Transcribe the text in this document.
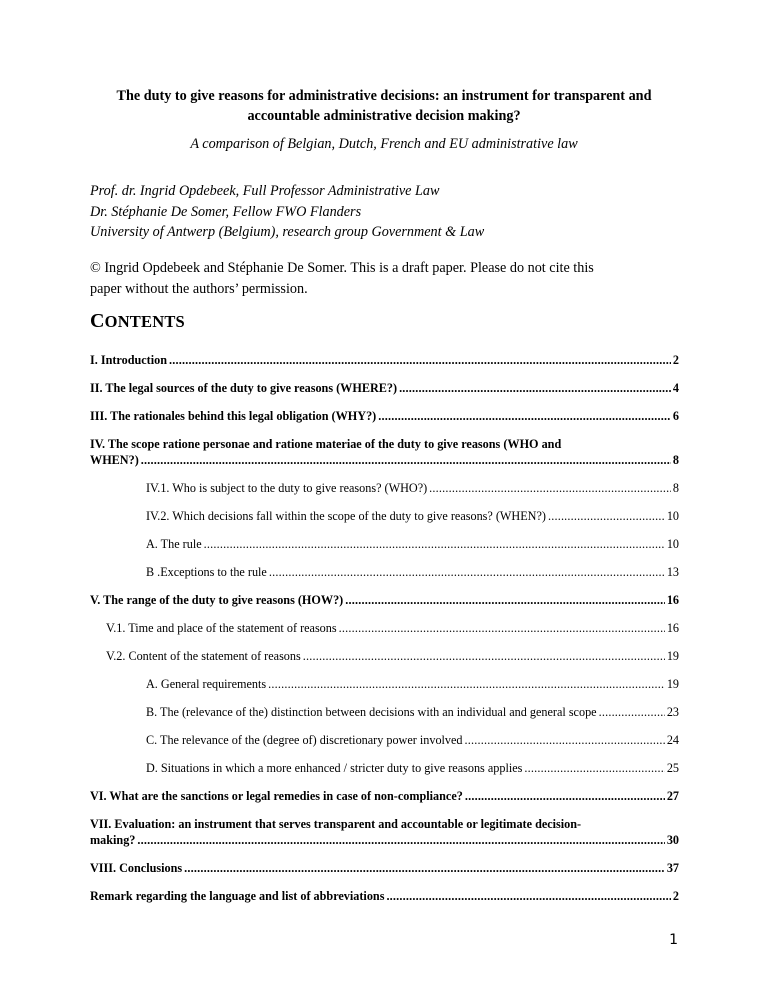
The duty to give reasons for administrative decisions: an instrument for transparent and
accountable administrative decision making?
A comparison of Belgian, Dutch, French and EU administrative law
Prof. dr. Ingrid Opdebeek, Full Professor Administrative Law
Dr. Stéphanie De Somer, Fellow FWO Flanders
University of Antwerp (Belgium), research group Government & Law
© Ingrid Opdebeek and Stéphanie De Somer. This is a draft paper. Please do not cite this
paper without the authors’ permission.
CONTENTS
I. Introduction .....	2
II. The legal sources of the duty to give reasons (WHERE?) .....	4
III. The rationales behind this legal obligation (WHY?) .....	6
IV. The scope ratione personae and ratione materiae of the duty to give reasons (WHO and
WHEN?) .....	8
IV.1. Who is subject to the duty to give reasons? (WHO?) .....	8
IV.2. Which decisions fall within the scope of the duty to give reasons? (WHEN?) .....	10
A. The rule .....	10
B .Exceptions to the rule .....	13
V. The range of the duty to give reasons (HOW?) .....	16
V.1. Time and place of the statement of reasons .....	16
V.2. Content of the statement of reasons .....	19
A. General requirements .....	19
B. The (relevance of the) distinction between decisions with an individual and general scope .....	23
C. The relevance of the (degree of) discretionary power involved .....	24
D. Situations in which a more enhanced / stricter duty to give reasons applies .....	25
VI. What are the sanctions or legal remedies in case of non-compliance? .....	27
VII. Evaluation: an instrument that serves transparent and accountable or legitimate decision-
making? .....	30
VIII. Conclusions .....	37
Remark regarding the language and list of abbreviations .....	2
1
